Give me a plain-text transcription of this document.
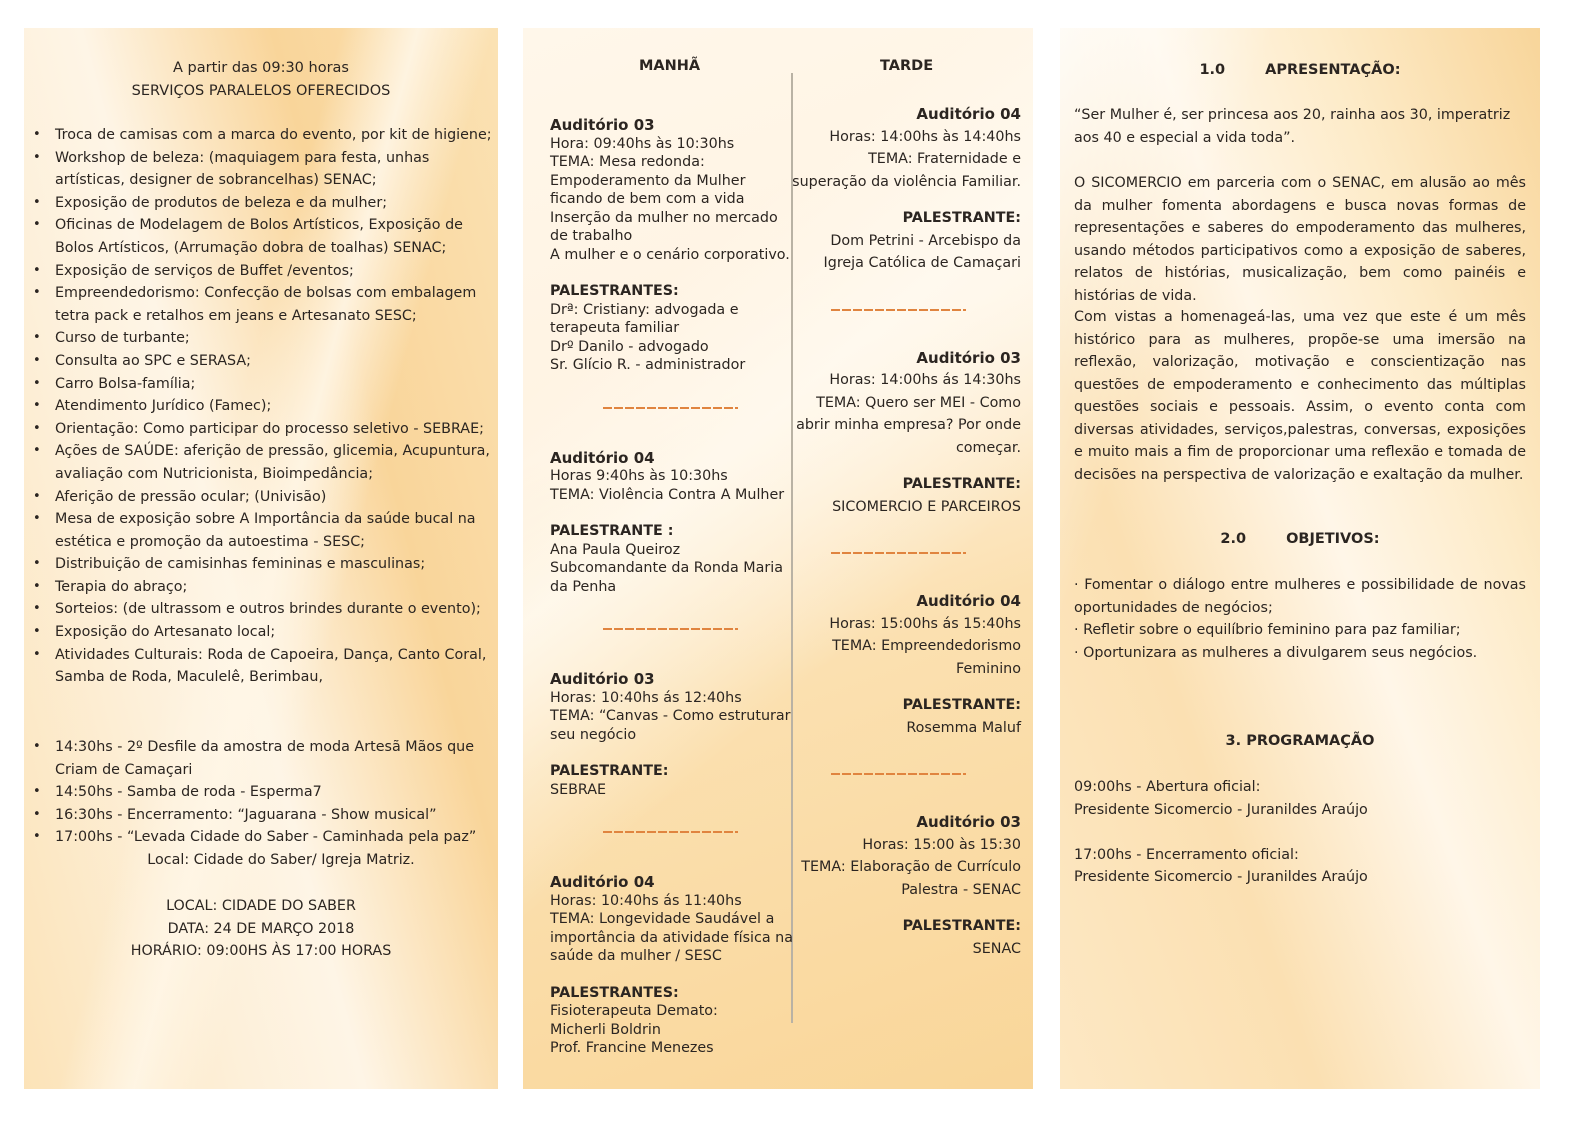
A partir das 09:30 horas
SERVIÇOS PARALELOS OFERECIDOS
• Troca de camisas com a marca do evento, por kit de higiene;
• Workshop de beleza: (maquiagem para festa, unhas artísticas, designer de sobrancelhas) SENAC;
• Exposição de produtos de beleza e da mulher;
• Oficinas de Modelagem de Bolos Artísticos, Exposição de Bolos Artísticos, (Arrumação dobra de toalhas) SENAC;
• Exposição de serviços de Buffet /eventos;
• Empreendedorismo: Confecção de bolsas com embalagem tetra pack e retalhos em jeans e Artesanato SESC;
• Curso de turbante;
• Consulta ao SPC e SERASA;
• Carro Bolsa-família;
• Atendimento Jurídico (Famec);
• Orientação: Como participar do processo seletivo - SEBRAE;
• Ações de SAÚDE: aferição de pressão, glicemia, Acupuntura, avaliação com Nutricionista, Bioimpedância;
• Aferição de pressão ocular; (Univisão)
• Mesa de exposição sobre A Importância da saúde bucal na estética e promoção da autoestima - SESC;
• Distribuição de camisinhas femininas e masculinas;
• Terapia do abraço;
• Sorteios: (de ultrassom e outros brindes durante o evento);
• Exposição do Artesanato local;
• Atividades Culturais: Roda de Capoeira, Dança, Canto Coral, Samba de Roda, Maculelê, Berimbau,
• 14:30hs - 2º Desfile da amostra de moda Artesã Mãos que Criam de Camaçari
• 14:50hs - Samba de roda - Esperma7
• 16:30hs - Encerramento: “Jaguarana - Show musical”
• 17:00hs - “Levada Cidade do Saber - Caminhada pela paz”
Local: Cidade do Saber/ Igreja Matriz.
LOCAL: CIDADE DO SABER
DATA: 24 DE MARÇO 2018
HORÁRIO: 09:00HS ÀS 17:00 HORAS
MANHÃ	TARDE
Auditório 03
Hora: 09:40hs às 10:30hs
TEMA: Mesa redonda:
Empoderamento da Mulher
ficando de bem com a vida
Inserção da mulher no mercado
de trabalho
A mulher e o cenário corporativo.
PALESTRANTES:
Drª: Cristiany: advogada e
terapeuta familiar
Drº Danilo - advogado
Sr. Glício R. - administrador
Auditório 04
Horas 9:40hs às 10:30hs
TEMA: Violência Contra A Mulher
PALESTRANTE :
Ana Paula Queiroz
Subcomandante da Ronda Maria
da Penha
Auditório 03
Horas: 10:40hs ás 12:40hs
TEMA: “Canvas - Como estruturar
seu negócio
PALESTRANTE:
SEBRAE
Auditório 04
Horas: 10:40hs ás 11:40hs
TEMA: Longevidade Saudável a
importância da atividade física na
saúde da mulher / SESC
PALESTRANTES:
Fisioterapeuta Demato:
Micherli Boldrin
Prof. Francine Menezes
Auditório 04
Horas: 14:00hs às 14:40hs
TEMA: Fraternidade e
superação da violência Familiar.
PALESTRANTE:
Dom Petrini - Arcebispo da
Igreja Católica de Camaçari
Auditório 03
Horas: 14:00hs ás 14:30hs
TEMA: Quero ser MEI - Como
abrir minha empresa? Por onde
começar.
PALESTRANTE:
SICOMERCIO E PARCEIROS
Auditório 04
Horas: 15:00hs ás 15:40hs
TEMA: Empreendedorismo
Feminino
PALESTRANTE:
Rosemma Maluf
Auditório 03
Horas: 15:00 às 15:30
TEMA: Elaboração de Currículo
Palestra - SENAC
PALESTRANTE:
SENAC
1.0	APRESENTAÇÃO:
“Ser Mulher é, ser princesa aos 20, rainha aos 30, imperatriz aos 40 e especial a vida toda”.
O SICOMERCIO em parceria com o SENAC, em alusão ao mês da mulher fomenta abordagens e busca novas formas de representações e saberes do empoderamento das mulheres, usando métodos participativos como a exposição de saberes, relatos de histórias, musicalização, bem como painéis e histórias de vida.
Com vistas a homenageá-las, uma vez que este é um mês histórico para as mulheres, propõe-se uma imersão na reflexão, valorização, motivação e conscientização nas questões de empoderamento e conhecimento das múltiplas questões sociais e pessoais. Assim, o evento conta com diversas atividades, serviços,palestras, conversas, exposições e muito mais a fim de proporcionar uma reflexão e tomada de decisões na perspectiva de valorização e exaltação da mulher.
2.0	OBJETIVOS:
· Fomentar o diálogo entre mulheres e possibilidade de novas oportunidades de negócios;
· Refletir sobre o equilíbrio feminino para paz familiar;
· Oportunizara as mulheres a divulgarem seus negócios.
3. PROGRAMAÇÃO
09:00hs - Abertura oficial:
Presidente Sicomercio - Juranildes Araújo
17:00hs - Encerramento oficial:
Presidente Sicomercio - Juranildes Araújo
